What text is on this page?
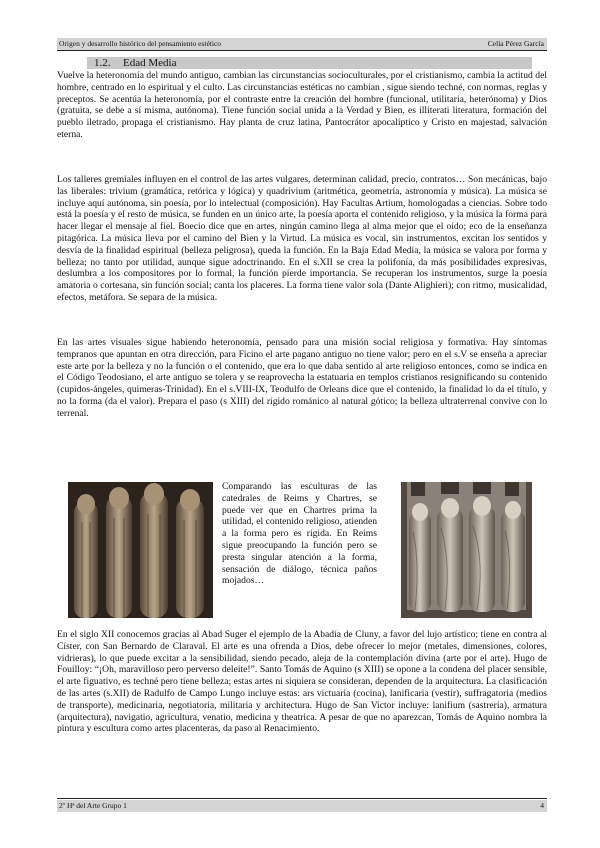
Origen y desarrollo histórico del pensamiento estético	Celia Pérez García
1.2. Edad Media

Vuelve la heteronomía del mundo antiguo, cambian las circunstancias socioculturales, por el cristianismo, cambia la actitud del hombre, centrado en lo espiritual y el culto. Las circunstancias estéticas no cambian , sigue siendo techné, con normas, reglas y preceptos. Se acentúa la heteronomía, por el contraste entre la creación del hombre (funcional, utilitaria, heterónoma) y Dios (gratuita, se debe a sí misma, autónoma). Tiene función social unida a la Verdad y Bien, es illiterati literatura, formación del pueblo iletrado, propaga el cristianismo. Hay planta de cruz latina, Pantocrátor apocalíptico y Cristo en majestad, salvación eterna.

Los talleres gremiales influyen en el control de las artes vulgares, determinan calidad, precio, contratos… Son mecánicas, bajo las liberales: trivium (gramática, retórica y lógica) y quadrivium (aritmética, geometría, astronomía y música). La música se incluye aquí autónoma, sin poesía, por lo intelectual (composición). Hay Facultas Artium, homologadas a ciencias. Sobre todo está la poesía y el resto de música, se funden en un único arte, la poesía aporta el contenido religioso, y la música la forma para hacer llegar el mensaje al fiel. Boecio dice que en artes, ningún camino llega al alma mejor que el oído; eco de la enseñanza pitagórica. La música lleva por el camino del Bien y la Virtud. La música es vocal, sin instrumentos, excitan los sentidos y desvía de la finalidad espiritual (belleza peligrosa), queda la función. En la Baja Edad Media, la música se valora por forma y belleza; no tanto por utilidad, aunque sigue adoctrinando. En el s.XII se crea la polifonía, da más posibilidades expresivas, deslumbra a los compositores por lo formal, la función pierde importancia. Se recuperan los instrumentos, surge la poesía amatoria o cortesana, sin función social; canta los placeres. La forma tiene valor sola (Dante Alighieri); con ritmo, musicalidad, efectos, metáfora. Se separa de la música.

En las artes visuales sigue habiendo heteronomía, pensado para una misión social religiosa y formativa. Hay síntomas tempranos que apuntan en otra dirección, para Ficino el arte pagano antiguo no tiene valor; pero en el s.V se enseña a apreciar este arte por la belleza y no la función o el contenido, que era lo que daba sentido al arte religioso entonces, como se indica en el Código Teodosiano, el arte antiguo se tolera y se reaprovecha la estatuaria en templos cristianos resignificando su contenido (cupidos-ángeles, quimeras-Trinidad). En el s.VIII-IX, Teodulfo de Orleans dice que el contenido, la finalidad lo da el título, y no la forma (da el valor). Prepara el paso (s XIII) del rígido románico al natural gótico; la belleza ultraterrenal convive con lo terrenal.

Comparando las esculturas de las catedrales de Reims y Chartres, se puede ver que en Chartres prima la utilidad, el contenido religioso, atienden a la forma pero es rígida. En Reims sigue preocupando la función pero se presta singular atención a la forma, sensación de diálogo, técnica paños mojados…

En el siglo XII conocemos gracias al Abad Suger el ejemplo de la Abadía de Cluny, a favor del lujo artístico; tiene en contra al Císter, con San Bernardo de Claraval. El arte es una ofrenda a Dios, debe ofrecer lo mejor (metales, dimensiones, colores, vidrieras), lo que puede excitar a la sensibilidad, siendo pecado, aleja de la contemplación divina (arte por el arte). Hugo de Fouilloy: “¡Oh, maravilloso pero perverso deleite!”. Santo Tomás de Aquino (s XIII) se opone a la condena del placer sensible, el arte figuativo, es techné pero tiene belleza; estas artes ni siquiera se consideran, dependen de la arquitectura. La clasificación de las artes (s.XII) de Radulfo de Campo Lungo incluye estas: ars victuaria (cocina), lanificaria (vestir), suffragatoria (medios de transporte), medicinaria, negotiatoria, militaria y architectura. Hugo de San Victor incluye: lanifium (sastrería), armatura (arquitectura), navigatio, agricultura, venatio, medicina y theatrica. A pesar de que no aparezcan, Tomás de Aquino nombra la pintura y escultura como artes placenteras, da paso al Renacimiento.

2º Hª del Arte Grupo 1	4
